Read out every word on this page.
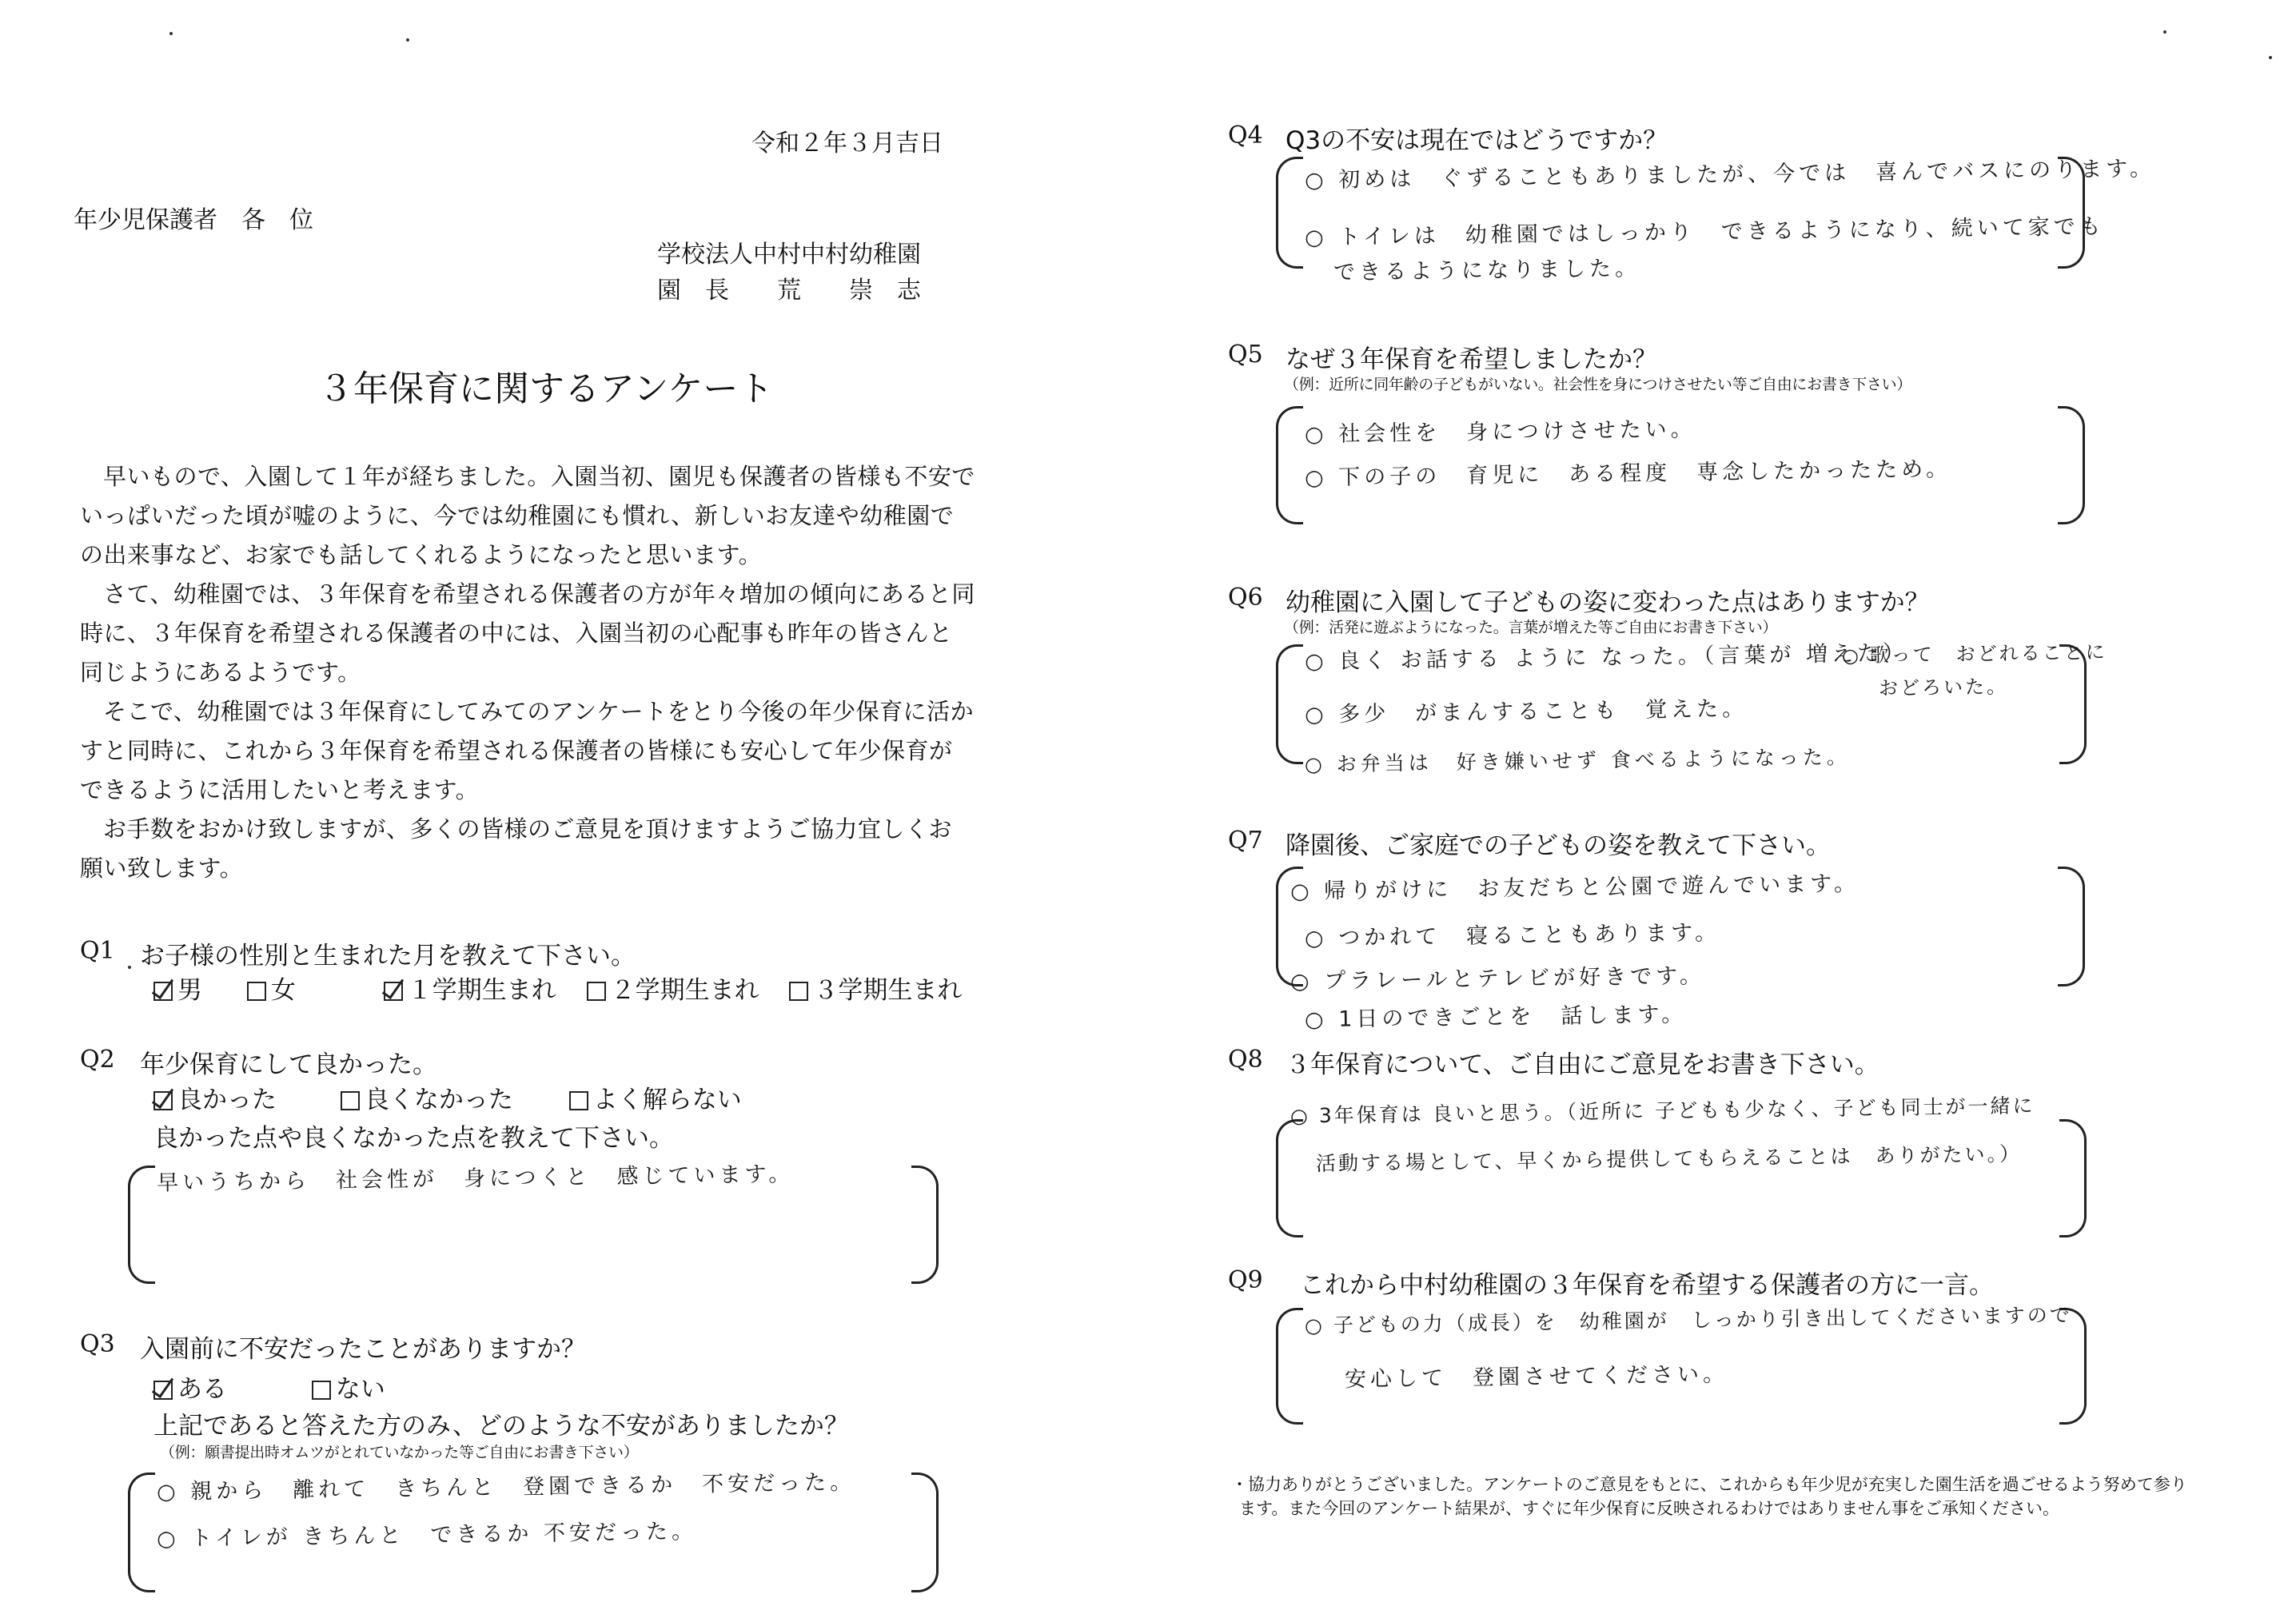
令和２年３月吉日
年少児保護者　各　位
学校法人中村中村幼稚園
園　長　　荒　　崇　志
３年保育に関するアンケート

早いもので、入園して１年が経ちました。入園当初、園児も保護者の皆様も不安でいっぱいだった頃が嘘のように、今では幼稚園にも慣れ、新しいお友達や幼稚園での出来事など、お家でも話してくれるようになったと思います。

さて、幼稚園では、３年保育を希望される保護者の方が年々増加の傾向にあると同時に、３年保育を希望される保護者の中には、入園当初の心配事も昨年の皆さんと同じようにあるようです。

そこで、幼稚園では３年保育にしてみてのアンケートをとり今後の年少保育に活かすと同時に、これから３年保育を希望される保護者の皆様にも安心して年少保育ができるように活用したいと考えます。

お手数をおかけ致しますが、多くの皆様のご意見を頂けますようご協力宜しくお願い致します。

Q1 お子様の性別と生まれた月を教えて下さい。
男	女	１学期生まれ ２学期生まれ ３学期生まれ
Q2 年少保育にして良かった。
良かった	良くなかった	よく解らない
良かった点や良くなかった点を教えて下さい。
早いうちから　社会性が　身につくと　感じています。
Q3 入園前に不安だったことがありますか？
ある	ない
上記であると答えた方のみ、どのような不安がありましたか？
（例：願書提出時オムツがとれていなかった等ご自由にお書き下さい）
○ 親から　離れて　きちんと　登園できるか　不安だった。
○ トイレが きちんと　できるか 不安だった。
Q4 Q3の不安は現在ではどうですか？
○ 初めは　ぐずることもありましたが、今では　喜んでバスにのります。
○ トイレは　幼稚園ではしっかり　できるようになり、続いて家でも
できるようになりました。
Q5 なぜ３年保育を希望しましたか？
（例：近所に同年齢の子どもがいない。社会性を身につけさせたい等ご自由にお書き下さい）
○ 社会性を　身につけさせたい。
○ 下の子の　育児に　ある程度　専念したかったため。
Q6 幼稚園に入園して子どもの姿に変わった点はありますか？
（例：活発に遊ぶようになった。言葉が増えた等ご自由にお書き下さい）
○ 良く お話する ように なった。（言葉が 増えた）
○ 歌って　おどれることに
おどろいた。
○ 多少　がまんすることも　覚えた。
○ お弁当は　好き嫌いせず 食べるようになった。
Q7 降園後、ご家庭での子どもの姿を教えて下さい。
○ 帰りがけに　お友だちと公園で遊んでいます。
○ つかれて　寝ることもあります。
○ プラレールとテレビが好きです。
○ 1日のできごとを　話します。
Q8 ３年保育について、ご自由にご意見をお書き下さい。
○ 3年保育は 良いと思う。（近所に 子どもも少なく、子ども同士が一緒に
活動する場として、早くから提供してもらえることは　ありがたい。）
Q9 これから中村幼稚園の３年保育を希望する保護者の方に一言。
○ 子どもの力（成長）を　幼稚園が　しっかり引き出してくださいますので
安心して　登園させてください。
・協力ありがとうございました。アンケートのご意見をもとに、これからも年少児が充実した園生活を過ごせるよう努めて参り
ます。また今回のアンケート結果が、すぐに年少保育に反映されるわけではありません事をご承知ください。
